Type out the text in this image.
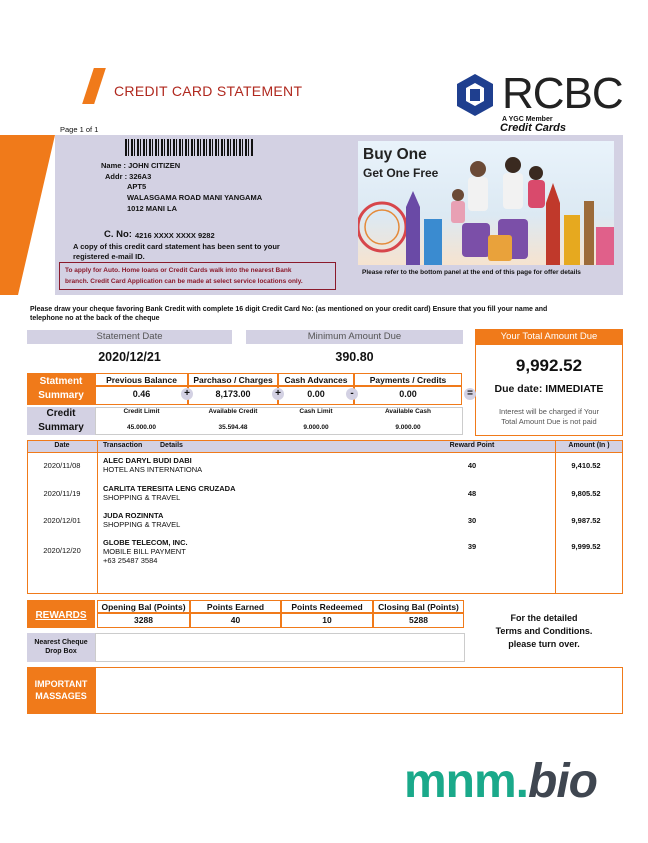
CREDIT CARD STATEMENT
Page 1 of 1
RCBC
A YGC Member
Credit Cards
Name : JOHN CITIZEN
Addr : 326A3
APT5
WALASGAMA ROAD MANI YANGAMA
1012 MANI LA
C. No: 4216 XXXX XXXX 9282
A copy of this credit card statement has been sent to your
registered e-mail ID.
To apply for Auto. Home loans or Credit Cards walk into the nearest Bank
branch. Credit Card Application can be made at select service locations only.
Buy One
Get One Free
Please refer to the bottom panel at the end of this page for offer details
Please draw your cheque favoring Bank Credit with complete 16 digit Credit Card No: (as mentioned on your credit card) Ensure that you fill your name and
telephone no at the back of the cheque
Statement Date	Minimum Amount Due
2020/12/21	390.80
Your Total Amount Due
9,992.52
Due date: IMMEDIATE
Interest will be charged if Your
Total Amount Due is not paid
Statment
Summary
Previous Balance	Parchaso / Charges	Cash Advances	Payments / Credits
0.46	8,173.00	0.00	0.00
+	+	-	=
Credit
Summary
Credit Limit	Available Credit	Cash Limit	Available Cash
45.000.00	35.594.48	9.000.00	9.000.00
Date	Transaction	Details	Reward Point	Amount (In )
2020/11/08
ALEC DARYL BUDI DABI
HOTEL ANS INTERNATIONA	40	9,410.52
2020/11/19
CARLITA TERESITA LENG CRUZADA
SHOPPING & TRAVEL	48	9,805.52
2020/12/01
JUDA ROZINNTA
SHOPPING & TRAVEL	30	9,987.52
2020/12/20
GLOBE TELECOM, INC.
MOBILE BILL PAYMENT
+63 25487 3584
39	9,999.52
REWARDS
Opening Bal (Points)	Points Earned	Points Redeemed	Closing Bal (Points)
3288	40	10	5288	For the detailed
Terms and Conditions.
please turn over.
Nearest Cheque
Drop Box
IMPORTANT
MASSAGES
mnm.bio
